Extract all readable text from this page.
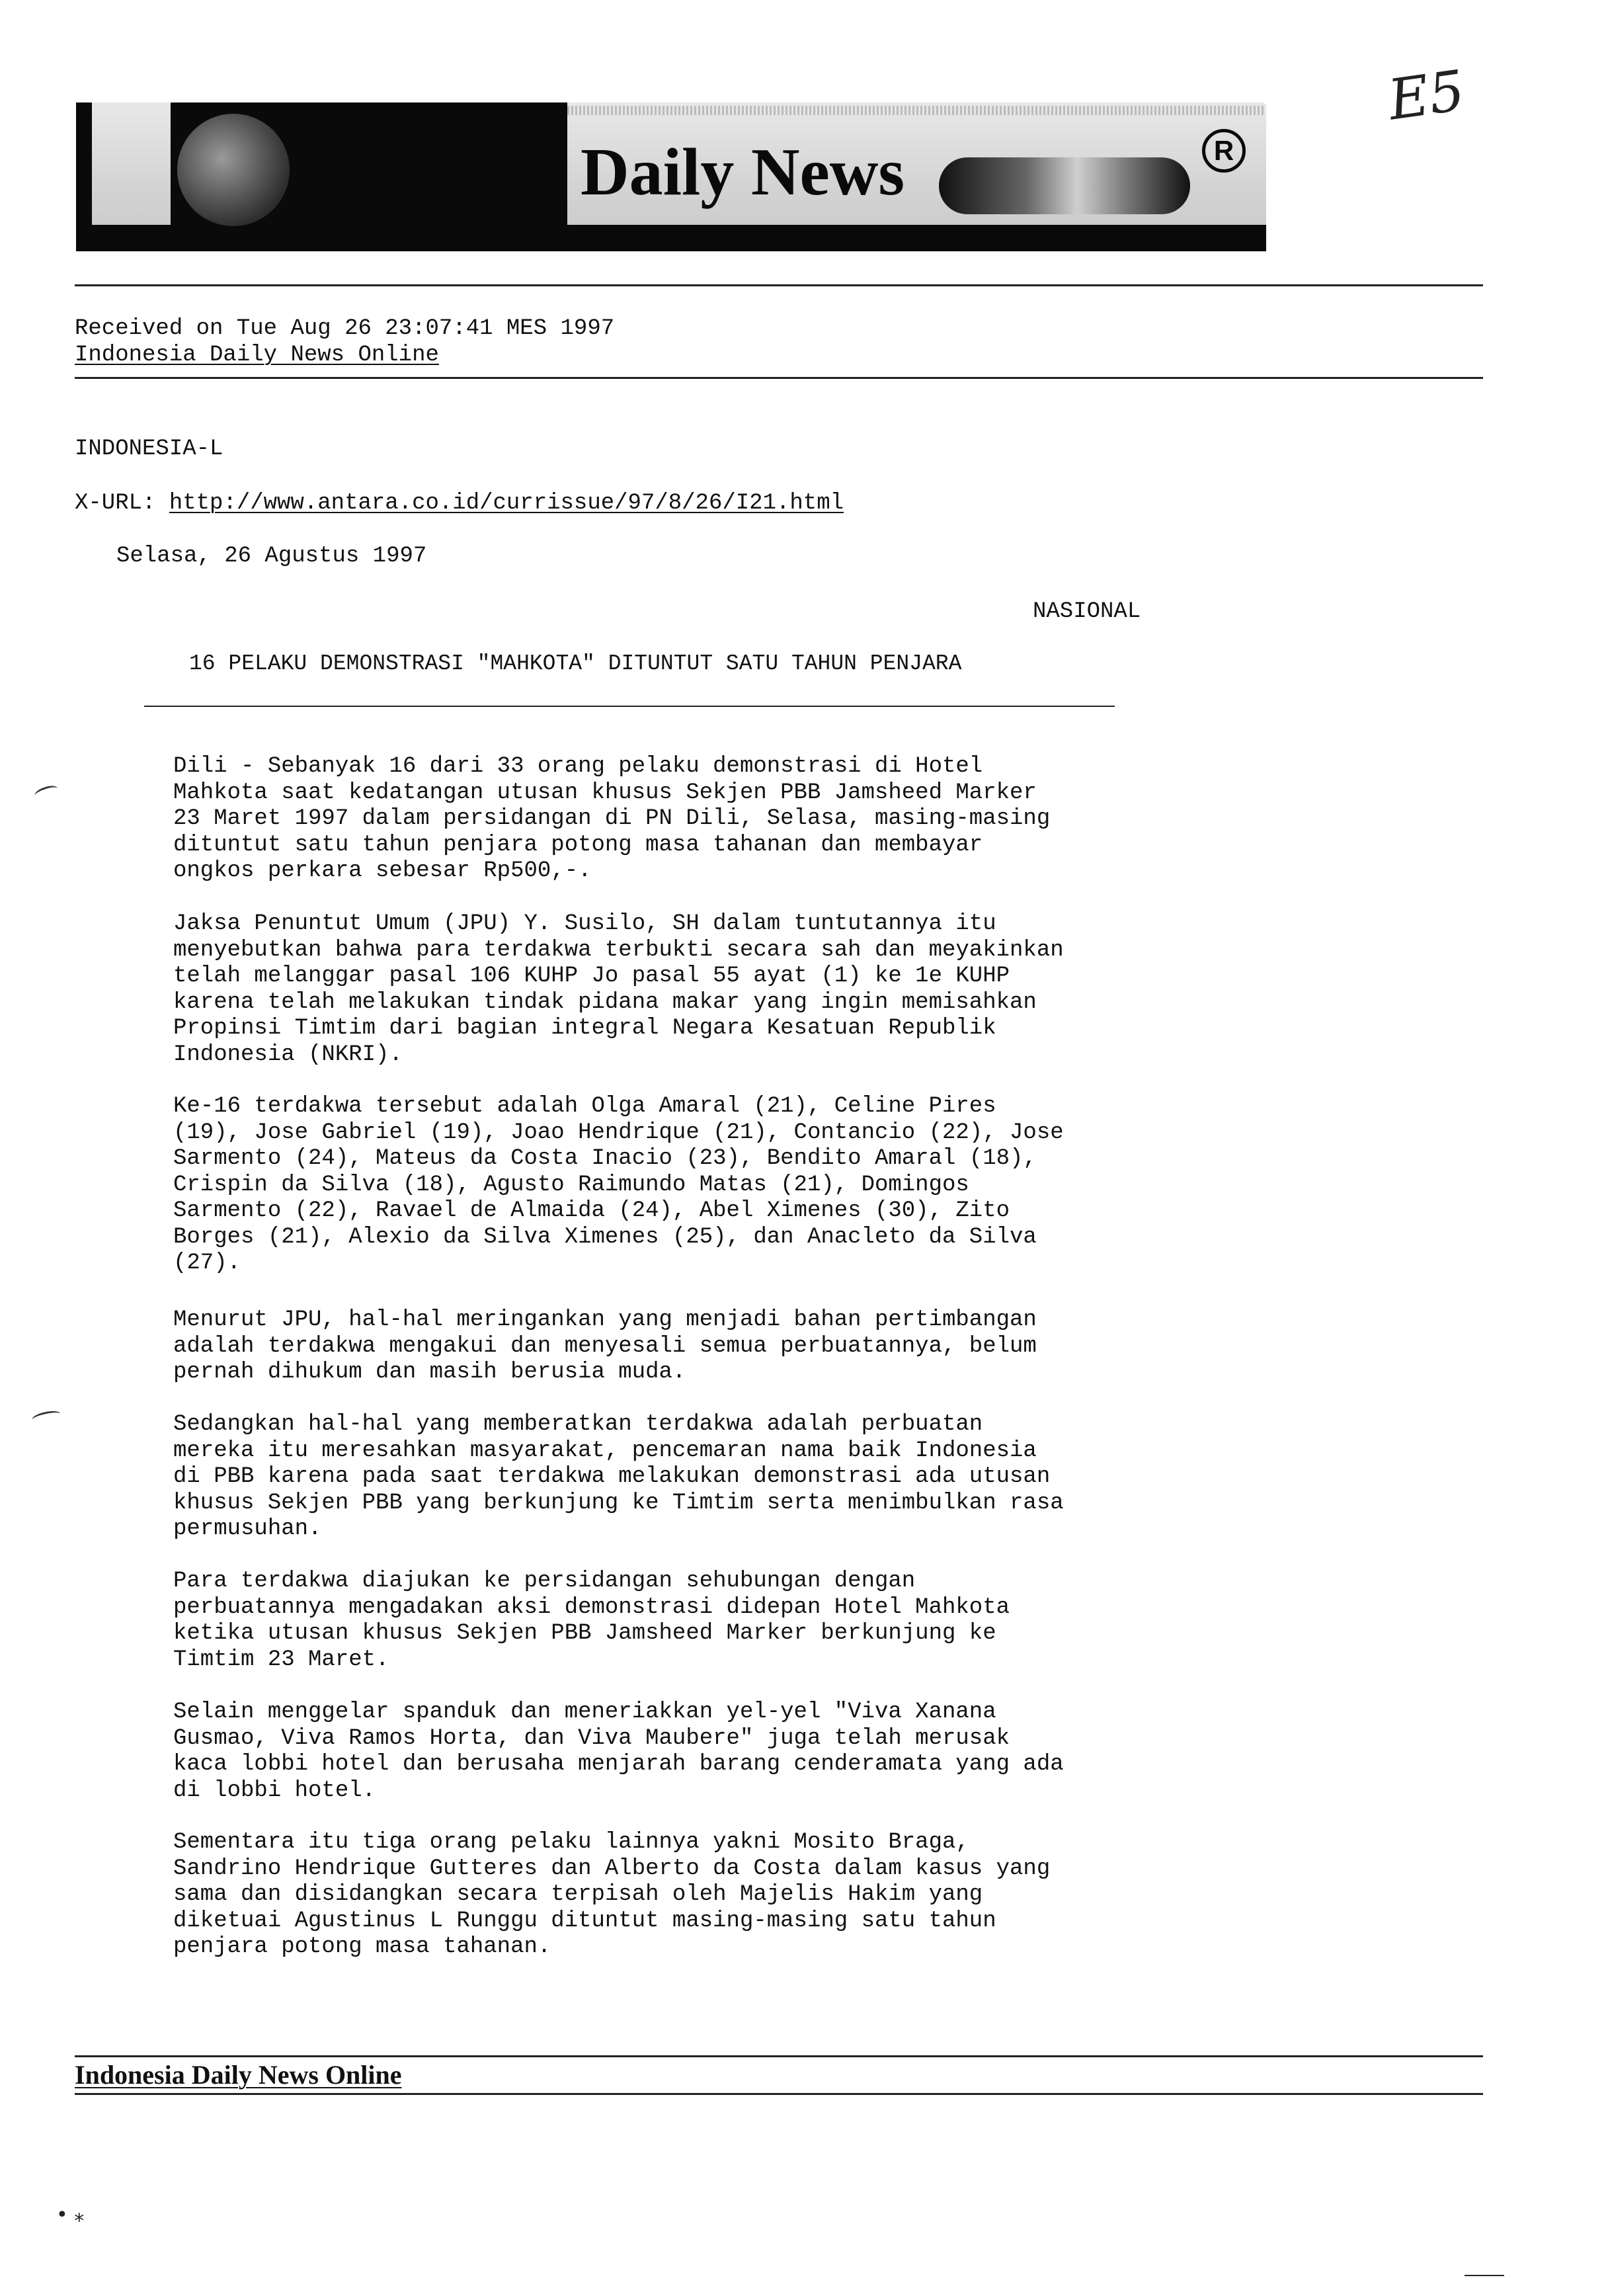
E5
Daily News	R
Received on Tue Aug 26 23:07:41 MES 1997
Indonesia Daily News Online
INDONESIA-L
X-URL: http://www.antara.co.id/currissue/97/8/26/I21.html
Selasa, 26 Agustus 1997
NASIONAL
16 PELAKU DEMONSTRASI "MAHKOTA" DITUNTUT SATU TAHUN PENJARA
Dili - Sebanyak 16 dari 33 orang pelaku demonstrasi di Hotel
Mahkota saat kedatangan utusan khusus Sekjen PBB Jamsheed Marker
23 Maret 1997 dalam persidangan di PN Dili, Selasa, masing-masing
dituntut satu tahun penjara potong masa tahanan dan membayar
ongkos perkara sebesar Rp500,-.
Jaksa Penuntut Umum (JPU) Y. Susilo, SH dalam tuntutannya itu
menyebutkan bahwa para terdakwa terbukti secara sah dan meyakinkan
telah melanggar pasal 106 KUHP Jo pasal 55 ayat (1) ke 1e KUHP
karena telah melakukan tindak pidana makar yang ingin memisahkan
Propinsi Timtim dari bagian integral Negara Kesatuan Republik
Indonesia (NKRI).
Ke-16 terdakwa tersebut adalah Olga Amaral (21), Celine Pires
(19), Jose Gabriel (19), Joao Hendrique (21), Contancio (22), Jose
Sarmento (24), Mateus da Costa Inacio (23), Bendito Amaral (18),
Crispin da Silva (18), Agusto Raimundo Matas (21), Domingos
Sarmento (22), Ravael de Almaida (24), Abel Ximenes (30), Zito
Borges (21), Alexio da Silva Ximenes (25), dan Anacleto da Silva
(27).
Menurut JPU, hal-hal meringankan yang menjadi bahan pertimbangan
adalah terdakwa mengakui dan menyesali semua perbuatannya, belum
pernah dihukum dan masih berusia muda.
Sedangkan hal-hal yang memberatkan terdakwa adalah perbuatan
mereka itu meresahkan masyarakat, pencemaran nama baik Indonesia
di PBB karena pada saat terdakwa melakukan demonstrasi ada utusan
khusus Sekjen PBB yang berkunjung ke Timtim serta menimbulkan rasa
permusuhan.
Para terdakwa diajukan ke persidangan sehubungan dengan
perbuatannya mengadakan aksi demonstrasi didepan Hotel Mahkota
ketika utusan khusus Sekjen PBB Jamsheed Marker berkunjung ke
Timtim 23 Maret.
Selain menggelar spanduk dan meneriakkan yel-yel "Viva Xanana
Gusmao, Viva Ramos Horta, dan Viva Maubere" juga telah merusak
kaca lobbi hotel dan berusaha menjarah barang cenderamata yang ada
di lobbi hotel.
Sementara itu tiga orang pelaku lainnya yakni Mosito Braga,
Sandrino Hendrique Gutteres dan Alberto da Costa dalam kasus yang
sama dan disidangkan secara terpisah oleh Majelis Hakim yang
diketuai Agustinus L Runggu dituntut masing-masing satu tahun
penjara potong masa tahanan.
Indonesia Daily News Online
• ⁎
